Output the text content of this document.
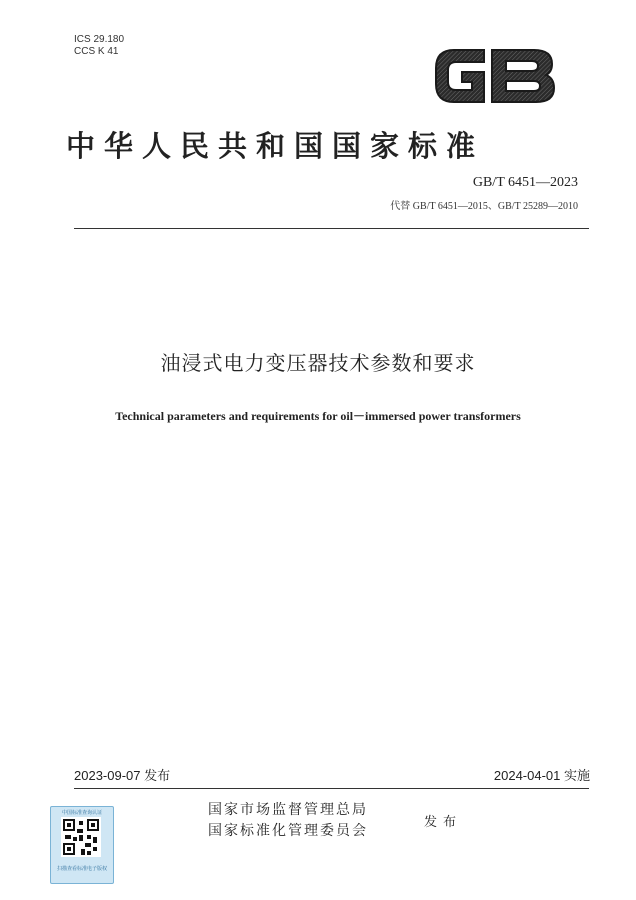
ICS 29.180
CCS K 41
GB
中华人民共和国国家标准
GB/T 6451—2023
代替 GB/T 6451—2015、GB/T 25289—2010
油浸式电力变压器技术参数和要求
Technical parameters and requirements for oil－immersed power transformers
2023-09-07 发布	2024-04-01 实施
中国标准查询认证
扫描查看标准电子版权
国家市场监督管理总局
国家标准化管理委员会
发布
